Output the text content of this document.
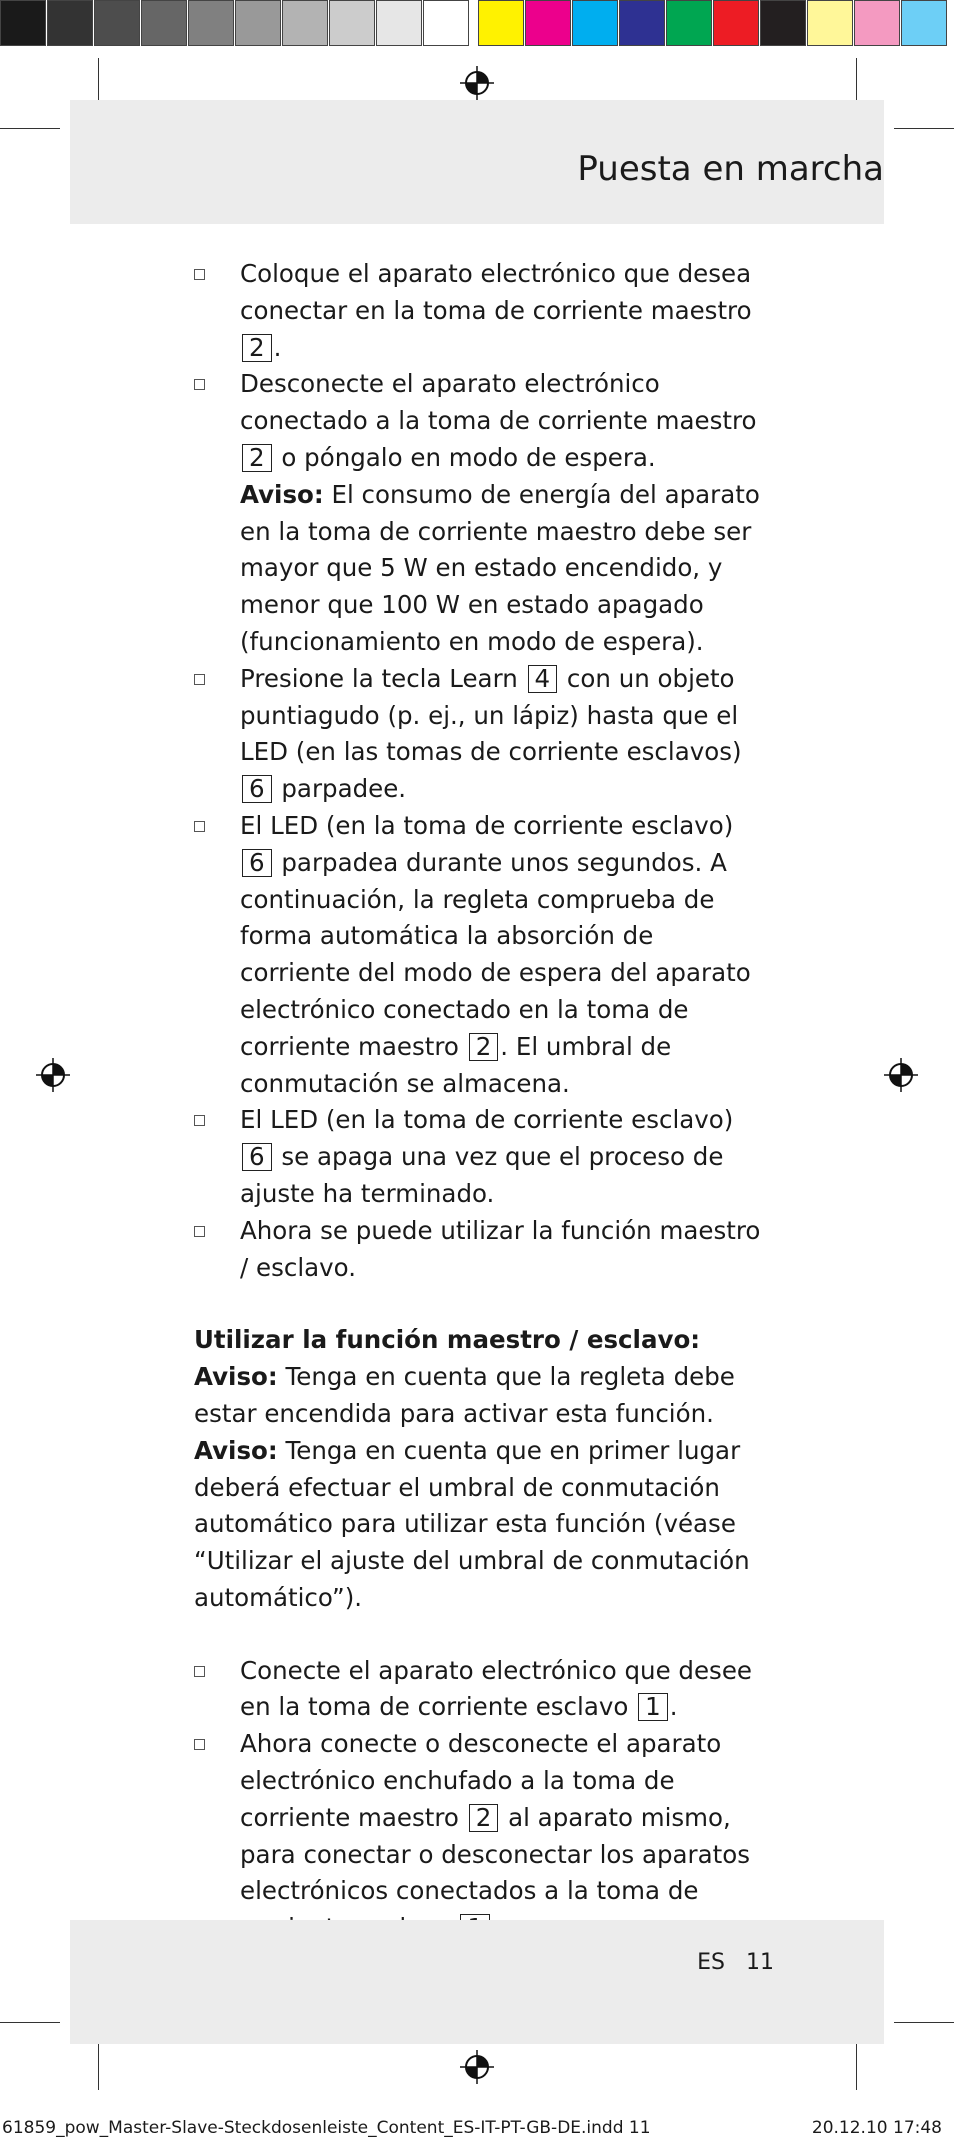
Puesta en marcha

Coloque el aparato electrónico que desea conectar en la toma de corriente maestro 2 .

Desconecte el aparato electrónico conectado a la toma de corriente maestro 2 o póngalo en modo de espera.

Aviso: El consumo de energía del aparato en la toma de corriente maestro debe ser mayor que 5 W en estado encendido, y menor que 100 W en estado apagado (funcionamiento en modo de espera).

Presione la tecla Learn 4 con un objeto puntiagudo (p. ej., un lápiz) hasta que el LED (en las tomas de corriente esclavos) 6 parpadee.

El LED (en la toma de corriente esclavo) 6 parpadea durante unos segundos. A continuación, la regleta comprueba de forma automática la absorción de corriente del modo de espera del aparato electrónico conectado en la toma de corriente maestro 2 . El umbral de conmutación se almacena.

El LED (en la toma de corriente esclavo) 6 se apaga una vez que el proceso de ajuste ha terminado.

Ahora se puede utilizar la función maestro / esclavo.

Utilizar la función maestro / esclavo:

Aviso: Tenga en cuenta que la regleta debe estar encendida para activar esta función.

Aviso: Tenga en cuenta que en primer lugar deberá efectuar el umbral de conmutación automático para utilizar esta función (véase “Utilizar el ajuste del umbral de conmutación automático”).

Conecte el aparato electrónico que desee en la toma de corriente esclavo 1 .

Ahora conecte o desconecte el aparato electrónico enchufado a la toma de corriente maestro 2 al aparato mismo, para conectar o desconectar los aparatos electrónicos conectados a la toma de

ES 11
61859_pow_Master-Slave-Steckdosenleiste_Content_ES-IT-PT-GB-DE.indd 11	20.12.10 17:48
